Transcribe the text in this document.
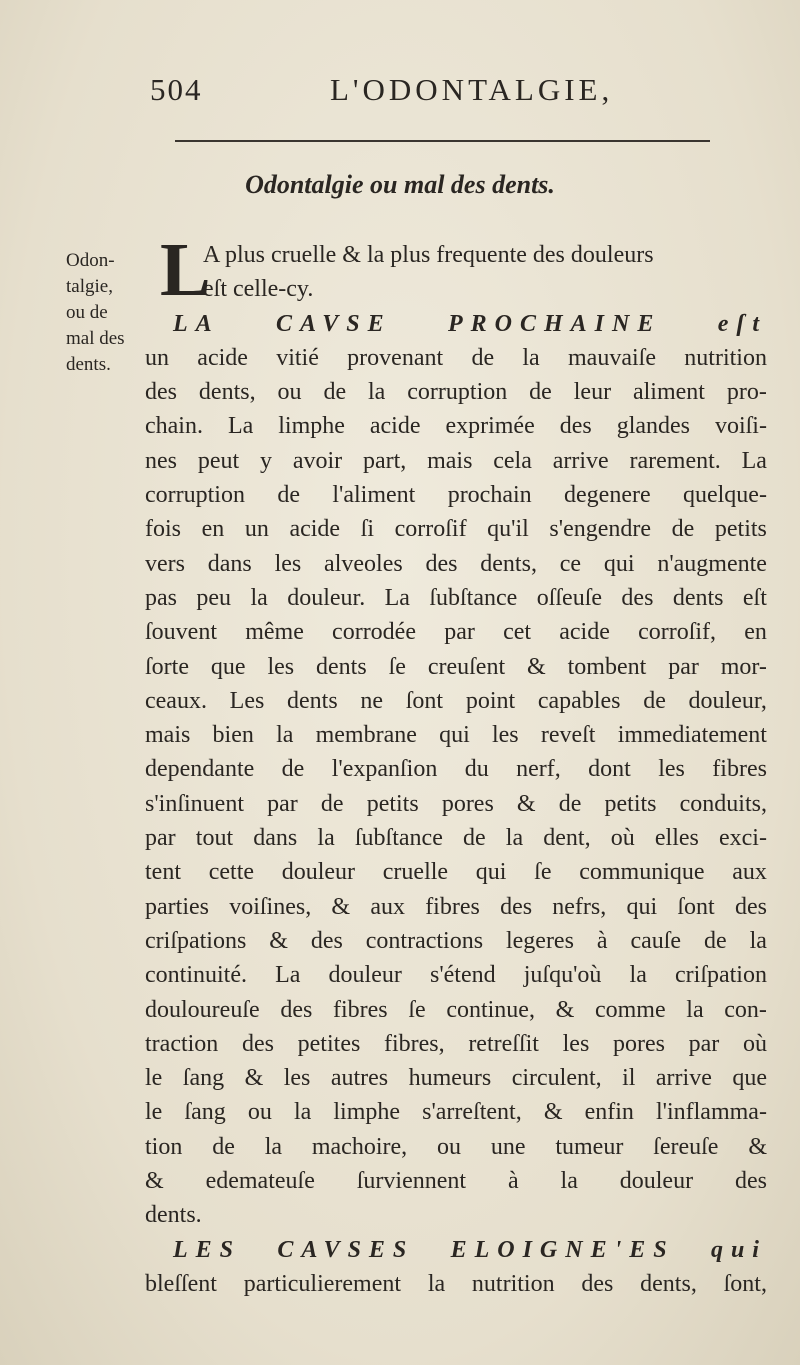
504	L'ODONTALGIE,
Odontalgie ou mal des dents.
Odon-
talgie,
ou de
mal des
dents.
L
A plus cruelle & la plus frequente des douleurs
eſt celle-cy.
LA CAVSE PROCHAINE eſt
un acide vitié provenant de la mauvaiſe nutrition
des dents, ou de la corruption de leur aliment pro-
chain. La limphe acide exprimée des glandes voiſi-
nes peut y avoir part, mais cela arrive rarement. La
corruption de l'aliment prochain degenere quelque-
fois en un acide ſi corroſif qu'il s'engendre de petits
vers dans les alveoles des dents, ce qui n'augmente
pas peu la douleur. La ſubſtance oſſeuſe des dents eſt
ſouvent même corrodée par cet acide corroſif, en
ſorte que les dents ſe creuſent & tombent par mor-
ceaux. Les dents ne ſont point capables de douleur,
mais bien la membrane qui les reveſt immediatement
dependante de l'expanſion du nerf, dont les fibres
s'inſinuent par de petits pores & de petits conduits,
par tout dans la ſubſtance de la dent, où elles exci-
tent cette douleur cruelle qui ſe communique aux
parties voiſines, & aux fibres des nefrs, qui ſont des
criſpations & des contractions legeres à cauſe de la
continuité. La douleur s'étend juſqu'où la criſpation
douloureuſe des fibres ſe continue, & comme la con-
traction des petites fibres, retreſſit les pores par où
le ſang & les autres humeurs circulent, il arrive que
le ſang ou la limphe s'arreſtent, & enfin l'inflamma-
tion de la machoire, ou une tumeur ſereuſe &
& edemateuſe ſurviennent à la douleur des
dents.
LES CAVSES ELOIGNE'ES qui
bleſſent particulierement la nutrition des dents, ſont,
